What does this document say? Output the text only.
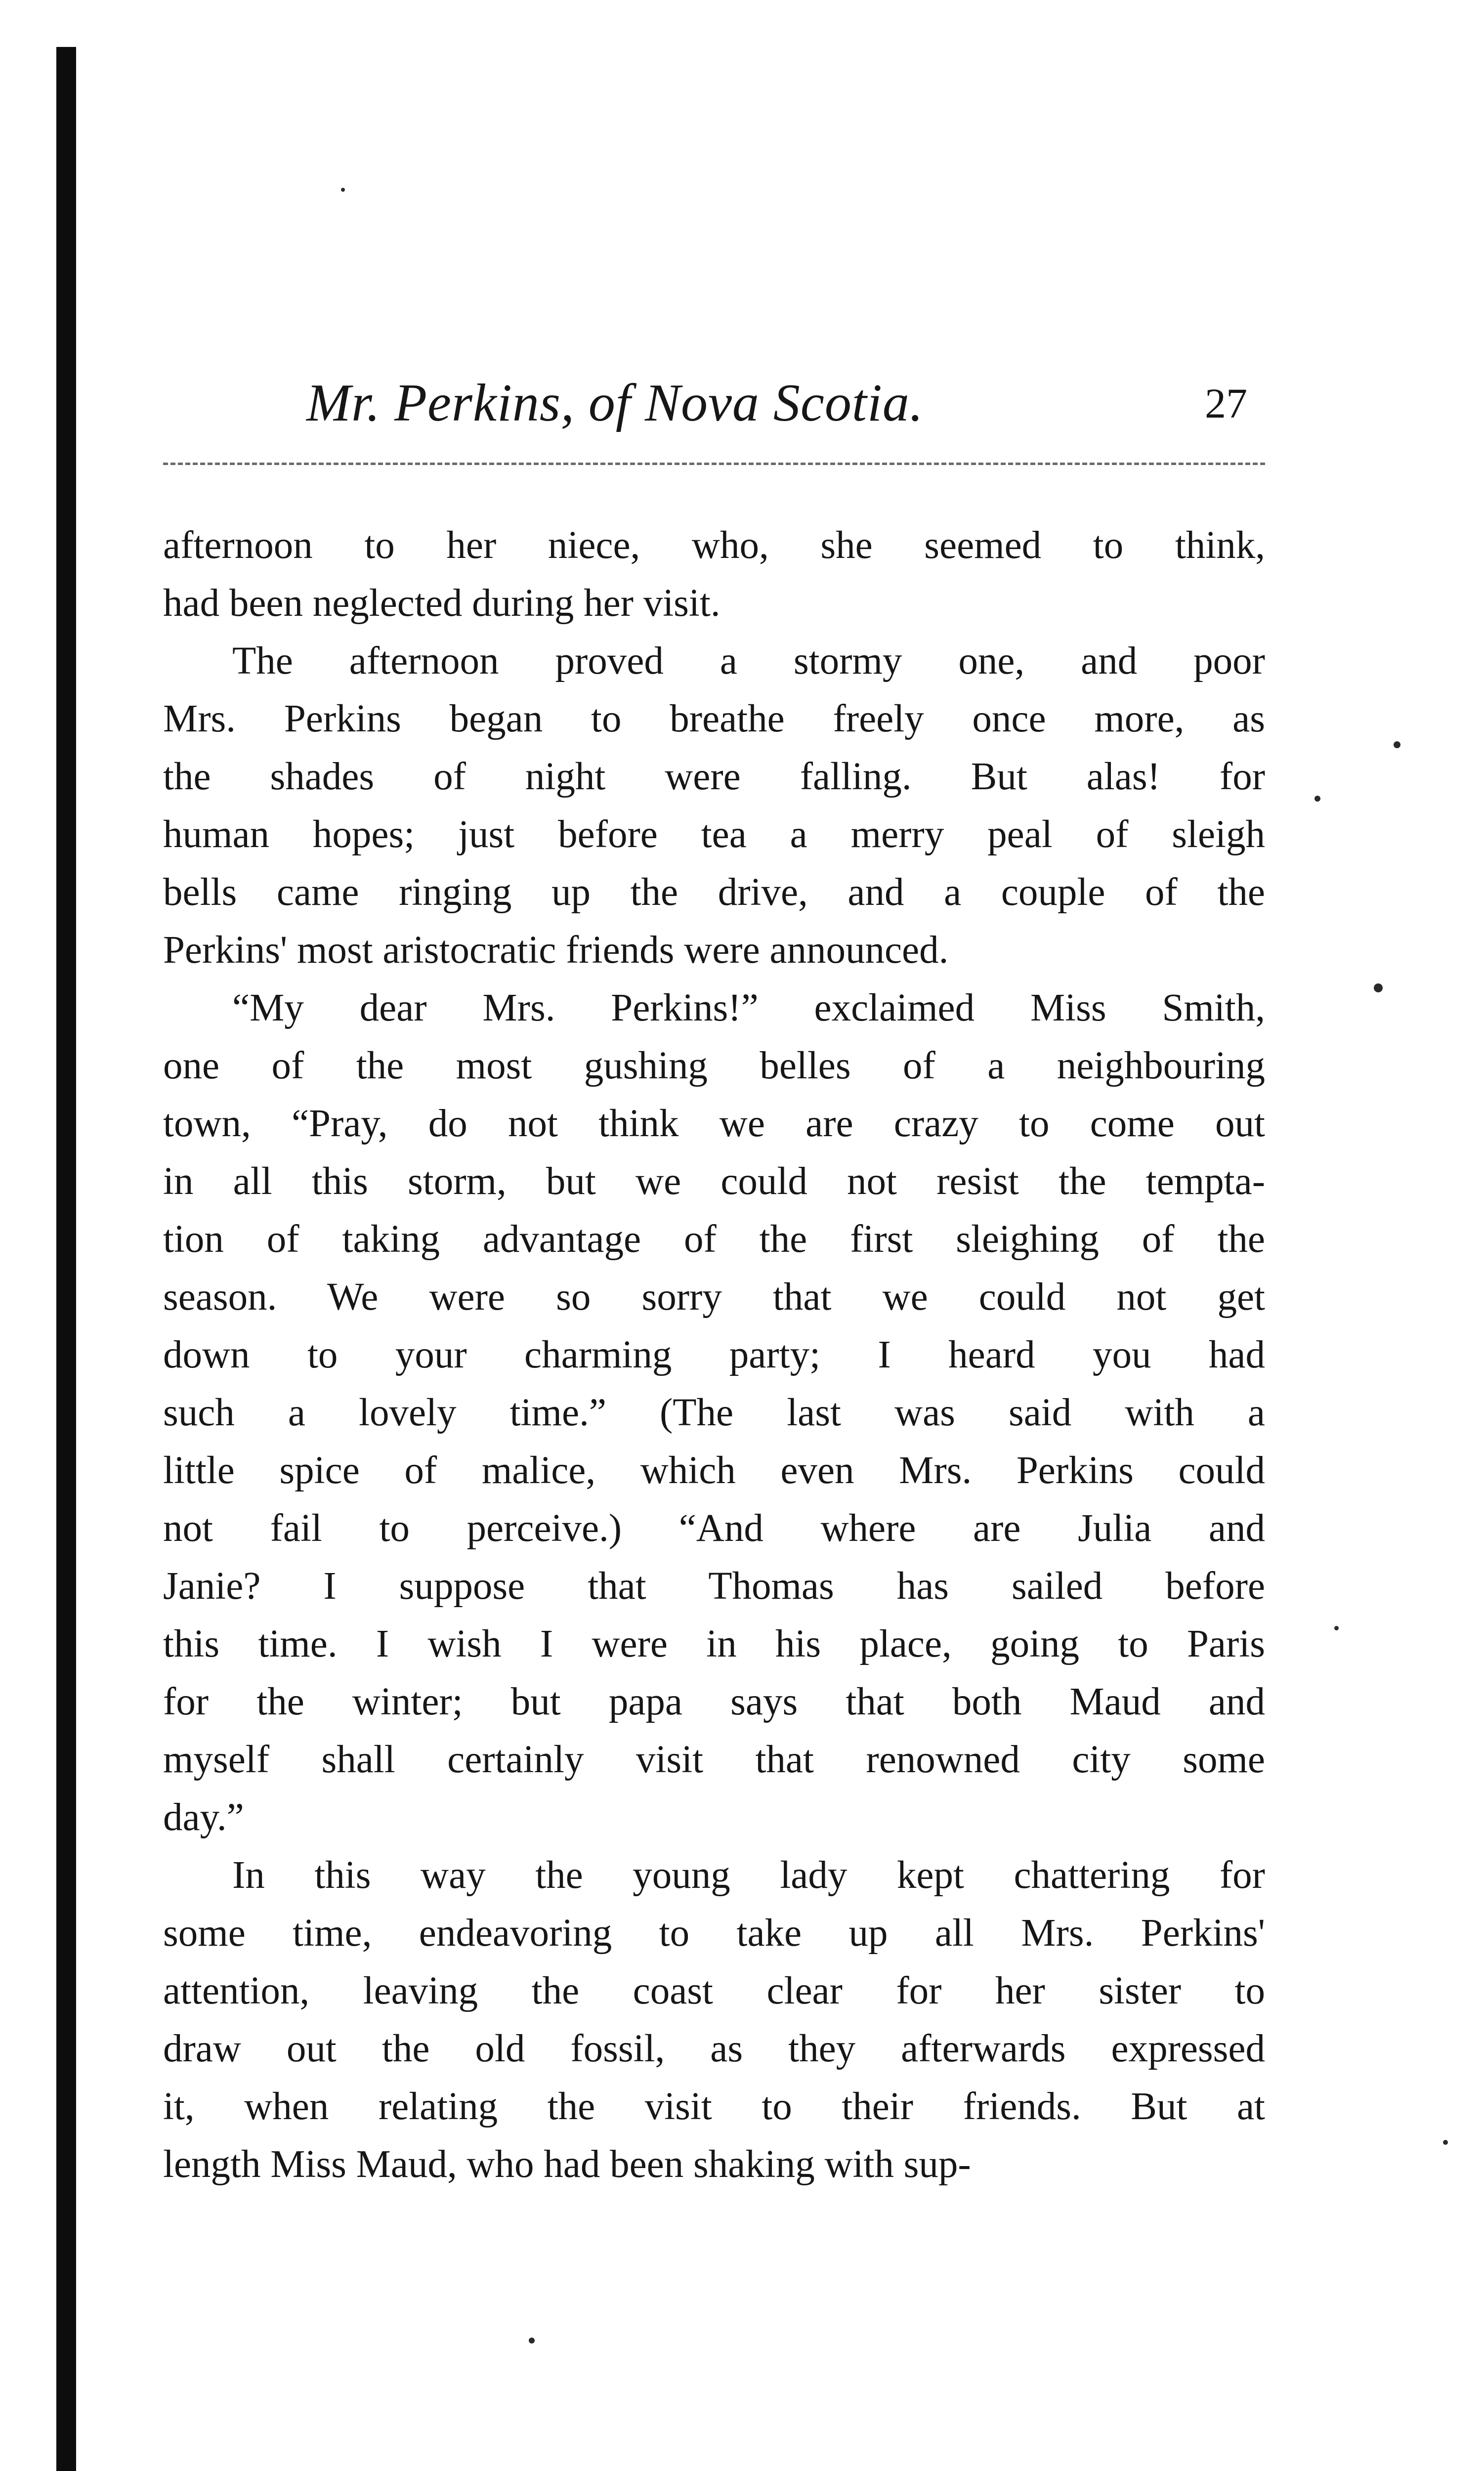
Mr. Perkins, of Nova Scotia.	27
afternoon to her niece, who, she seemed to think,
had been neglected during her visit.
The afternoon proved a stormy one, and poor
Mrs. Perkins began to breathe freely once more, as
the shades of night were falling. But alas! for
human hopes; just before tea a merry peal of sleigh
bells came ringing up the drive, and a couple of the
Perkins' most aristocratic friends were announced.
“My dear Mrs. Perkins!” exclaimed Miss Smith,
one of the most gushing belles of a neighbouring
town, “Pray, do not think we are crazy to come out
in all this storm, but we could not resist the tempta-
tion of taking advantage of the first sleighing of the
season. We were so sorry that we could not get
down to your charming party; I heard you had
such a lovely time.” (The last was said with a
little spice of malice, which even Mrs. Perkins could
not fail to perceive.) “And where are Julia and
Janie? I suppose that Thomas has sailed before
this time. I wish I were in his place, going to Paris
for the winter; but papa says that both Maud and
myself shall certainly visit that renowned city some
day.”
In this way the young lady kept chattering for
some time, endeavoring to take up all Mrs. Perkins'
attention, leaving the coast clear for her sister to
draw out the old fossil, as they afterwards expressed
it, when relating the visit to their friends. But at
length Miss Maud, who had been shaking with sup-
